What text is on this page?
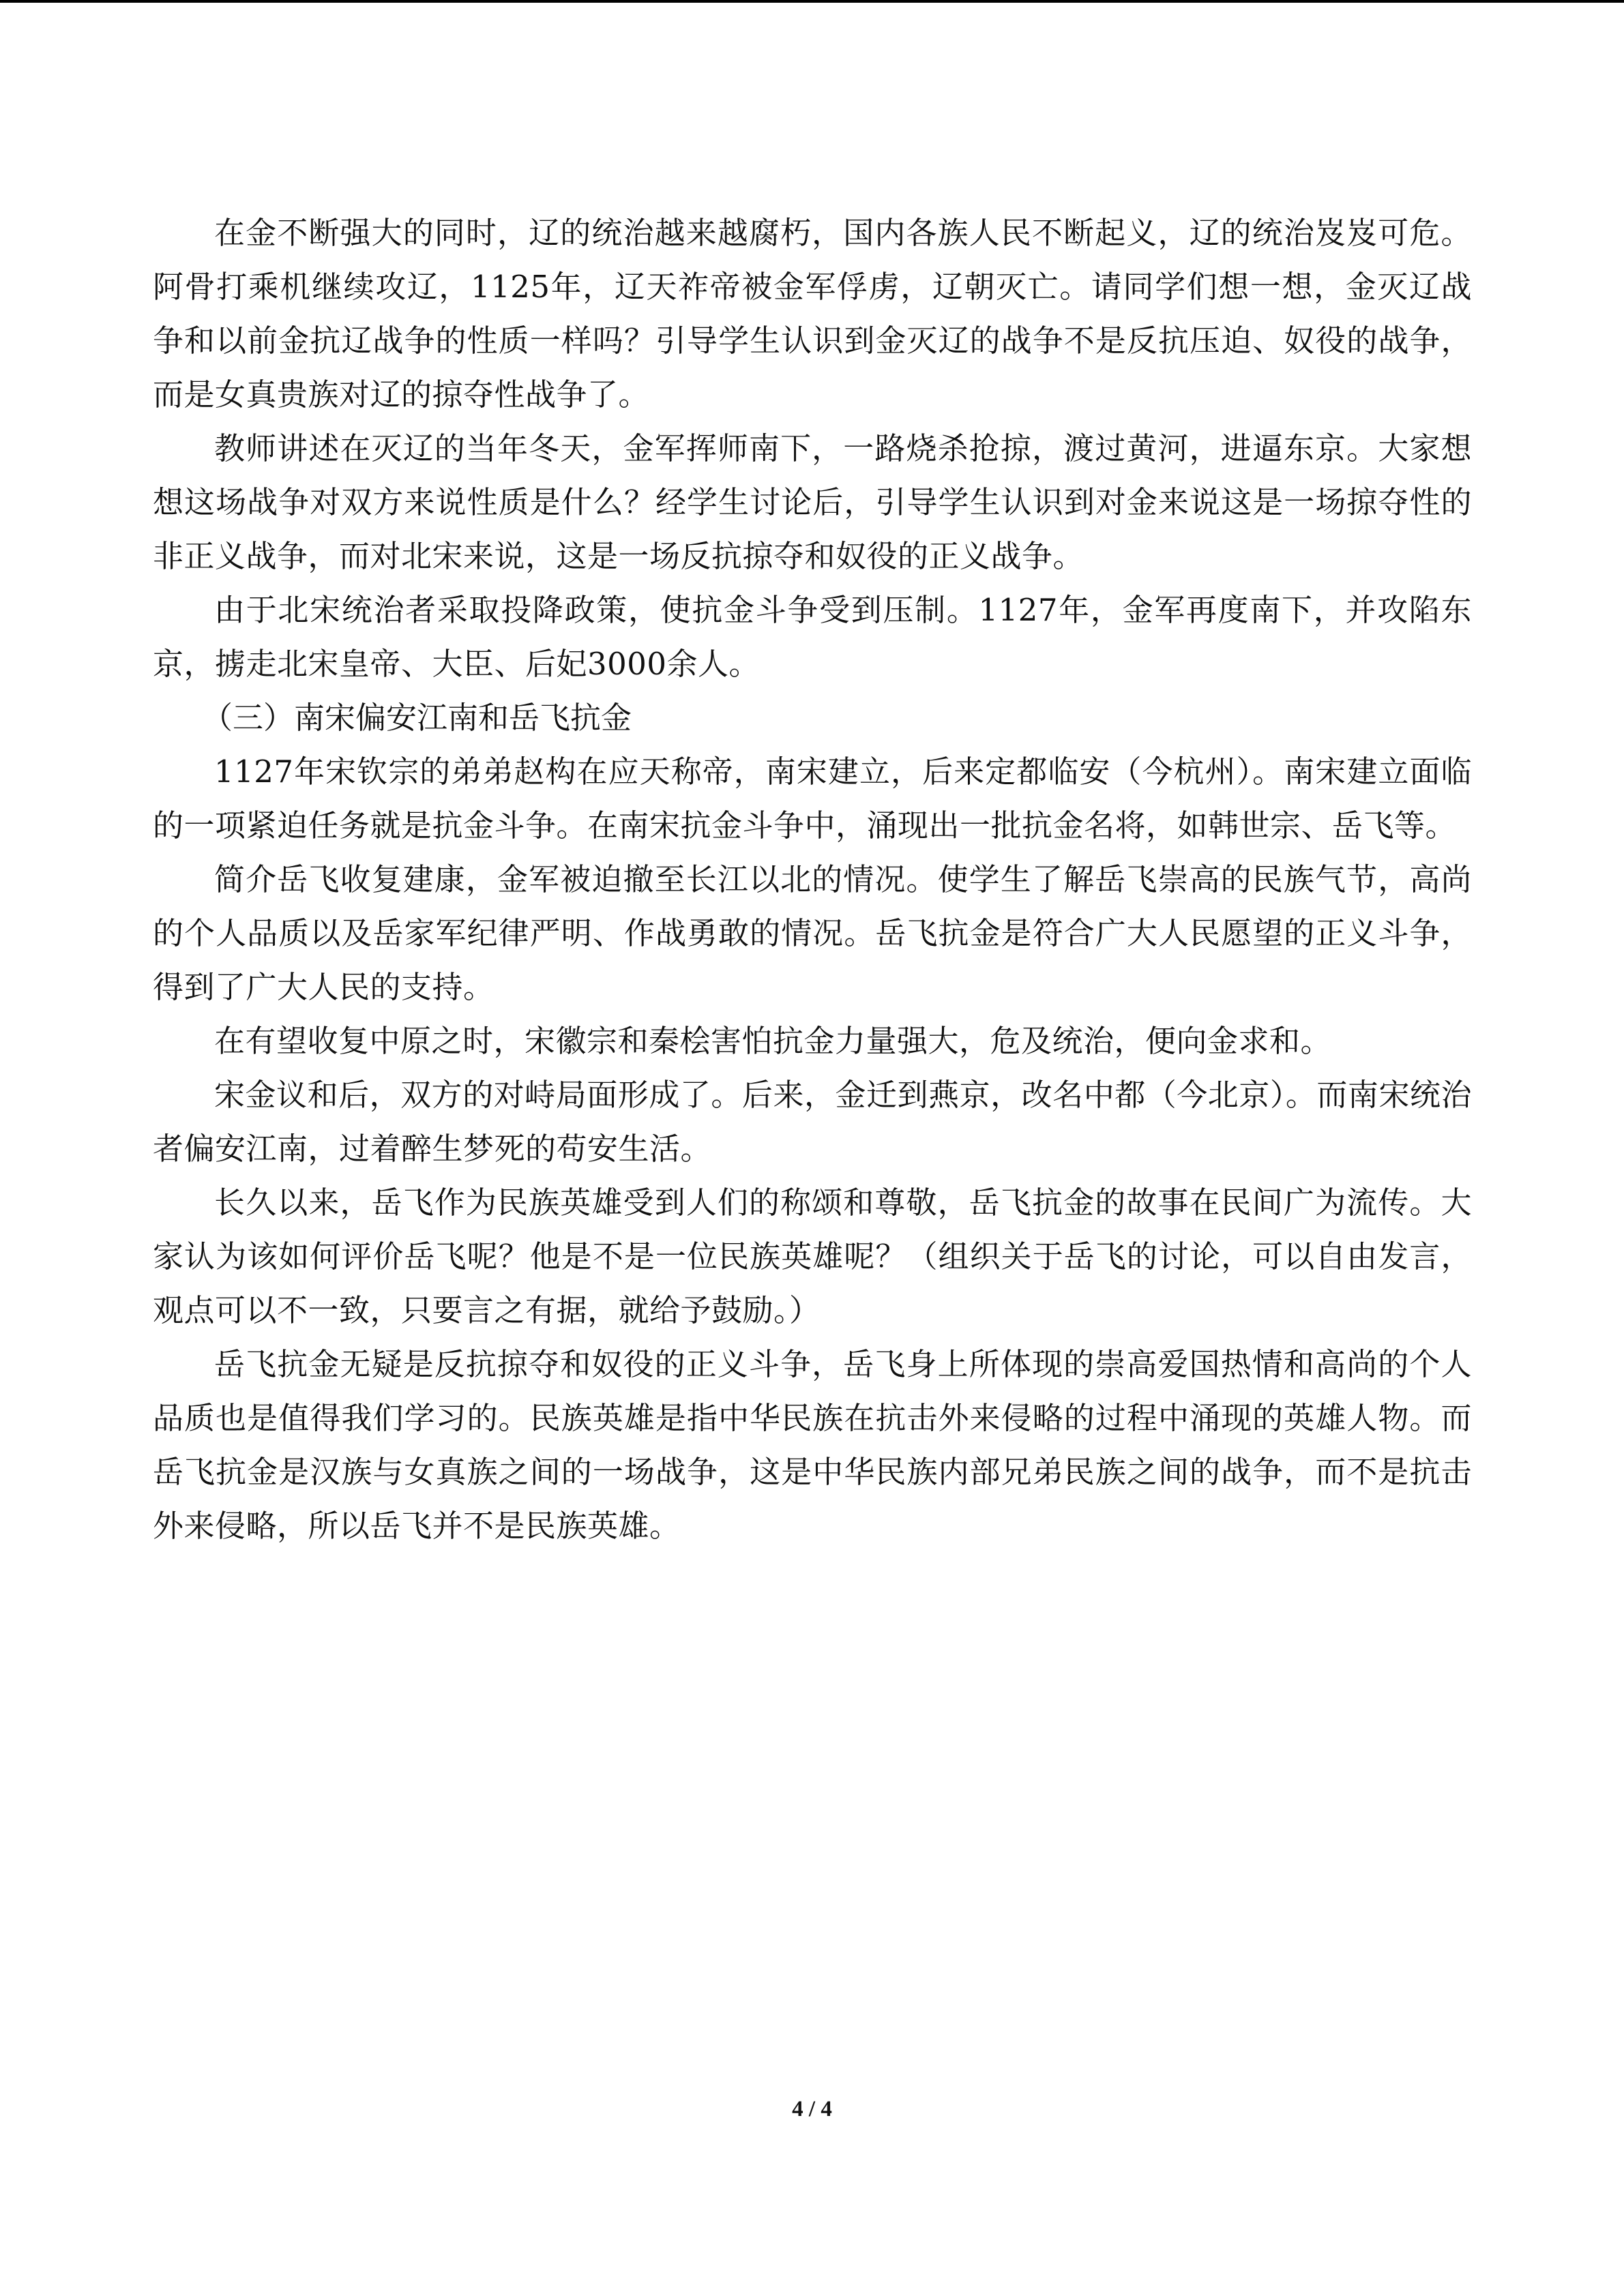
在金不断强大的同时，辽的统治越来越腐朽，国内各族人民不断起义，辽的统治岌岌可危。阿骨打乘机继续攻辽，1125年，辽天祚帝被金军俘虏，辽朝灭亡。请同学们想一想，金灭辽战争和以前金抗辽战争的性质一样吗？引导学生认识到金灭辽的战争不是反抗压迫、奴役的战争，而是女真贵族对辽的掠夺性战争了。

教师讲述在灭辽的当年冬天，金军挥师南下，一路烧杀抢掠，渡过黄河，进逼东京。大家想想这场战争对双方来说性质是什么？经学生讨论后，引导学生认识到对金来说这是一场掠夺性的非正义战争，而对北宋来说，这是一场反抗掠夺和奴役的正义战争。

由于北宋统治者采取投降政策，使抗金斗争受到压制。1127年，金军再度南下，并攻陷东京，掳走北宋皇帝、大臣、后妃3000余人。

（三）南宋偏安江南和岳飞抗金

1127年宋钦宗的弟弟赵构在应天称帝，南宋建立，后来定都临安（今杭州）。南宋建立面临的一项紧迫任务就是抗金斗争。在南宋抗金斗争中，涌现出一批抗金名将，如韩世宗、岳飞等。

简介岳飞收复建康，金军被迫撤至长江以北的情况。使学生了解岳飞崇高的民族气节，高尚的个人品质以及岳家军纪律严明、作战勇敢的情况。岳飞抗金是符合广大人民愿望的正义斗争，得到了广大人民的支持。

在有望收复中原之时，宋徽宗和秦桧害怕抗金力量强大，危及统治，便向金求和。

宋金议和后，双方的对峙局面形成了。后来，金迁到燕京，改名中都（今北京）。而南宋统治者偏安江南，过着醉生梦死的苟安生活。

长久以来，岳飞作为民族英雄受到人们的称颂和尊敬，岳飞抗金的故事在民间广为流传。大家认为该如何评价岳飞呢？他是不是一位民族英雄呢？（组织关于岳飞的讨论，可以自由发言，观点可以不一致，只要言之有据，就给予鼓励。）

岳飞抗金无疑是反抗掠夺和奴役的正义斗争，岳飞身上所体现的崇高爱国热情和高尚的个人品质也是值得我们学习的。民族英雄是指中华民族在抗击外来侵略的过程中涌现的英雄人物。而岳飞抗金是汉族与女真族之间的一场战争，这是中华民族内部兄弟民族之间的战争，而不是抗击外来侵略，所以岳飞并不是民族英雄。

4 / 4
